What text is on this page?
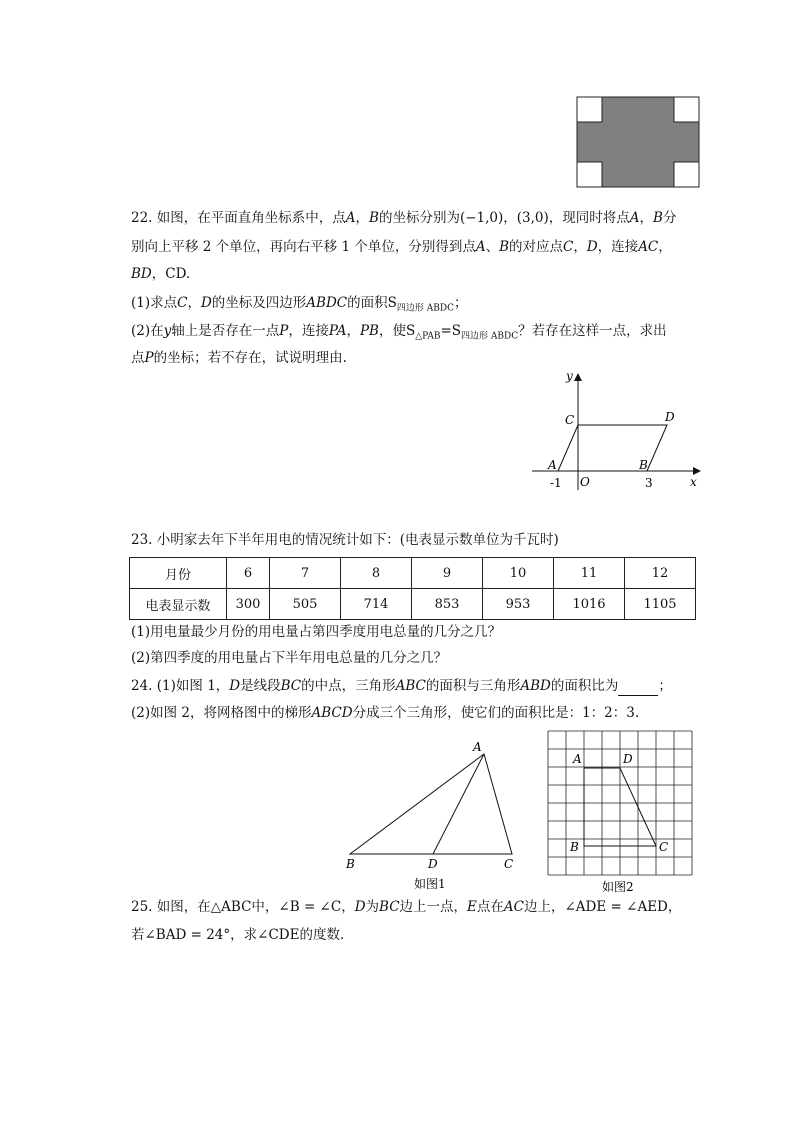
22. 如图，在平面直角坐标系中，点A，B的坐标分别为(−1,0)，(3,0)，现同时将点A，B分
别向上平移 2 个单位，再向右平移 1 个单位，分别得到点A、B的对应点C，D，连接AC，
BD，CD.
(1)求点C，D的坐标及四边形ABDC的面积$S_{四边形 ABDC}$；
(2)在y轴上是否存在一点P，连接PA，PB，使$S_{\triangle PAB}=S_{四边形 ABDC}$？若存在这样一点，求出
点P的坐标；若不存在，试说明理由.
y
x
O
A	B
C	D
-1	3
23. 小明家去年下半年用电的情况统计如下：(电表显示数单位为千瓦时)
月份	6	7	8	9	10	11	12
电表显示数	300	505	714	853	953	1016	1105
(1)用电量最少月份的用电量占第四季度用电总量的几分之几？
(2)第四季度的用电量占下半年用电总量的几分之几？
24. (1)如图 1，D是线段BC的中点，三角形ABC的面积与三角形ABD的面积比为	；
(2)如图 2，将网格图中的梯形ABCD分成三个三角形，使它们的面积比是：1：2：3.
A
B	D	C
如图1
A	D
B	C
如图2
25. 如图，在△ABC中，∠B = ∠C，D为BC边上一点，E点在AC边上，∠ADE = ∠AED，
若∠BAD = 24°，求∠CDE的度数.
